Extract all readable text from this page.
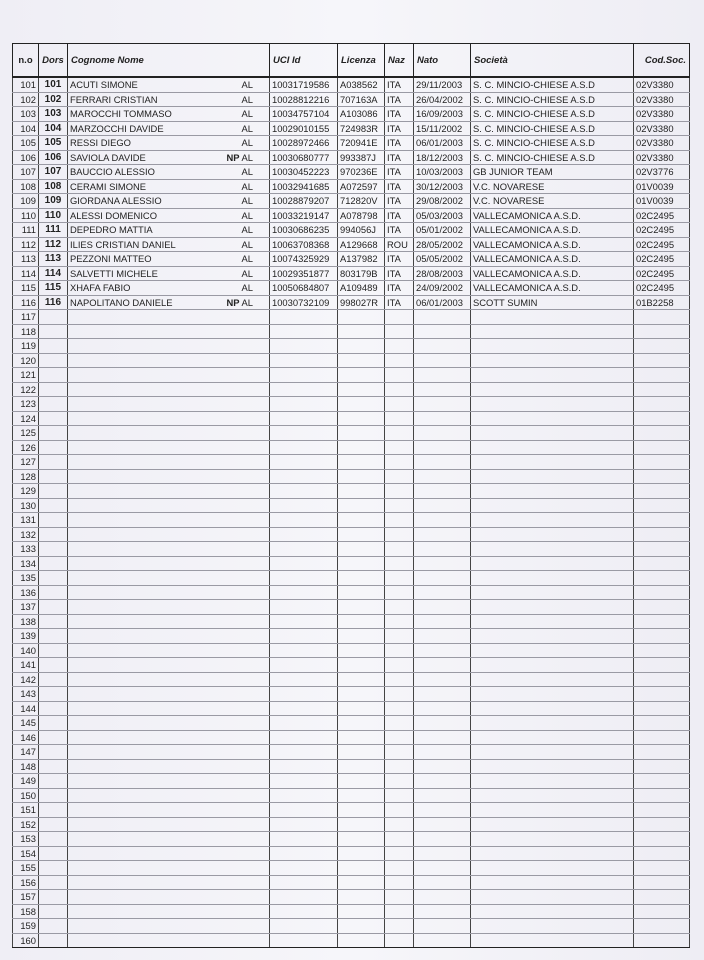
n.o	Dors	Cognome Nome	UCI Id	Licenza	Naz	Nato	Società	Cod.Soc.
101	101	ACUTI SIMONE AL	10031719586	A038562	ITA	29/11/2003	S. C. MINCIO-CHIESE A.S.D	02V3380
102	102	FERRARI CRISTIAN AL	10028812216	707163A	ITA	26/04/2002	S. C. MINCIO-CHIESE A.S.D	02V3380
103	103	MAROCCHI TOMMASO AL	10034757104	A103086	ITA	16/09/2003	S. C. MINCIO-CHIESE A.S.D	02V3380
104	104	MARZOCCHI DAVIDE AL	10029010155	724983R	ITA	15/11/2002	S. C. MINCIO-CHIESE A.S.D	02V3380
105	105	RESSI DIEGO AL	10028972466	720941E	ITA	06/01/2003	S. C. MINCIO-CHIESE A.S.D	02V3380
106	106	SAVIOLA DAVIDE NP AL	10030680777	993387J	ITA	18/12/2003	S. C. MINCIO-CHIESE A.S.D	02V3380
107	107	BAUCCIO ALESSIO AL	10030452223	970236E	ITA	10/03/2003	GB JUNIOR TEAM	02V3776
108	108	CERAMI SIMONE AL	10032941685	A072597	ITA	30/12/2003	V.C. NOVARESE	01V0039
109	109	GIORDANA ALESSIO AL	10028879207	712820V	ITA	29/08/2002	V.C. NOVARESE	01V0039
110	110	ALESSI DOMENICO AL	10033219147	A078798	ITA	05/03/2003	VALLECAMONICA A.S.D.	02C2495
111	111	DEPEDRO MATTIA AL	10030686235	994056J	ITA	05/01/2002	VALLECAMONICA A.S.D.	02C2495
112	112	ILIES CRISTIAN DANIEL AL	10063708368	A129668	ROU	28/05/2002	VALLECAMONICA A.S.D.	02C2495
113	113	PEZZONI MATTEO AL	10074325929	A137982	ITA	05/05/2002	VALLECAMONICA A.S.D.	02C2495
114	114	SALVETTI MICHELE AL	10029351877	803179B	ITA	28/08/2003	VALLECAMONICA A.S.D.	02C2495
115	115	XHAFA FABIO AL	10050684807	A109489	ITA	24/09/2002	VALLECAMONICA A.S.D.	02C2495
116	116	NAPOLITANO DANIELE NP AL	10030732109	998027R	ITA	06/01/2003	SCOTT SUMIN	01B2258
117								
118								
119								
120								
121								
122								
123								
124								
125								
126								
127								
128								
129								
130								
131								
132								
133								
134								
135								
136								
137								
138								
139								
140								
141								
142								
143								
144								
145								
146								
147								
148								
149								
150								
151								
152								
153								
154								
155								
156								
157								
158								
159								
160								
